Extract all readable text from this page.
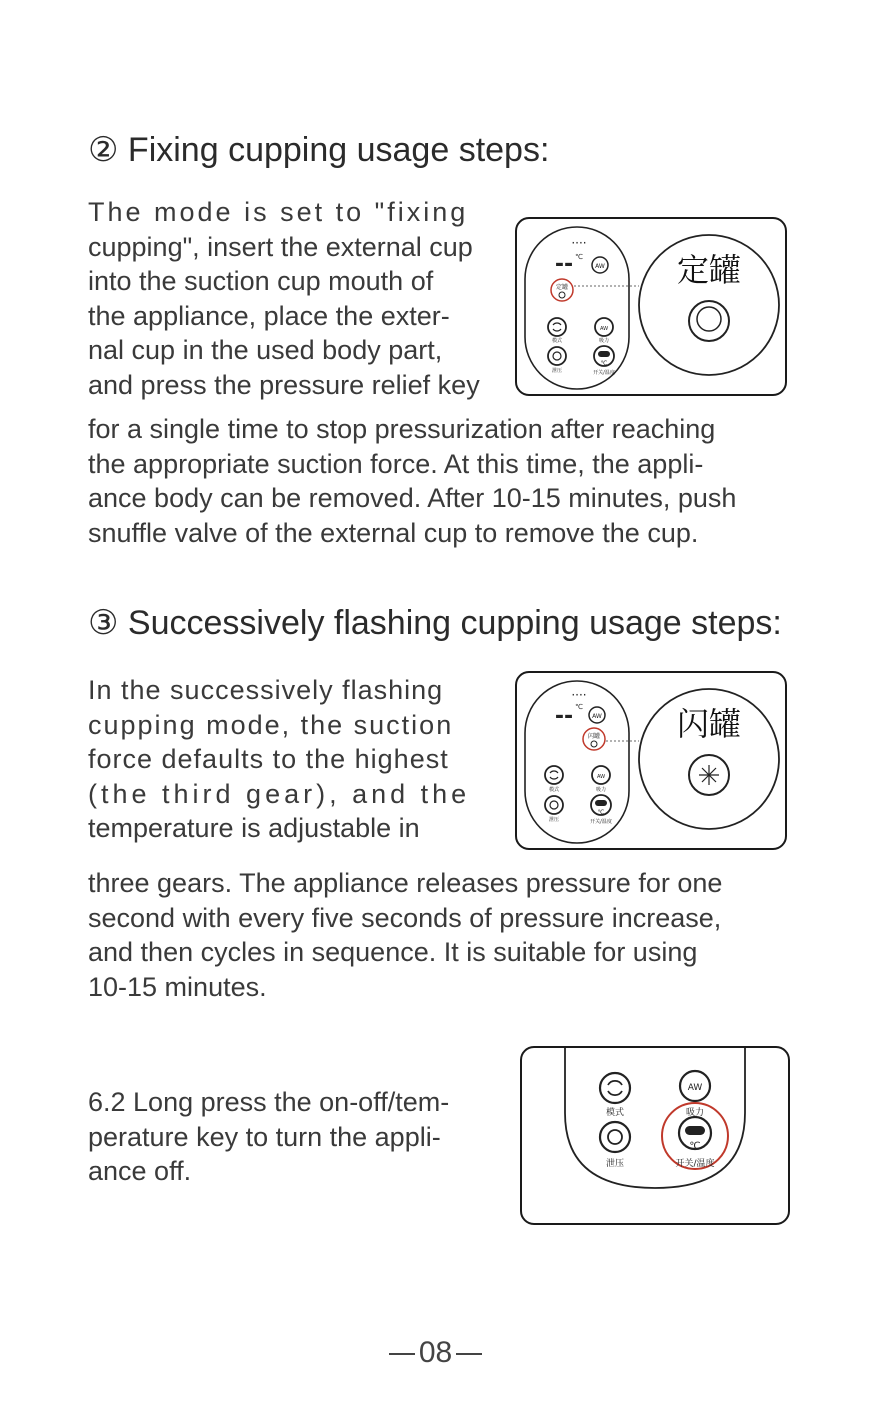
② Fixing cupping usage steps:
The mode is set to "fixing
cupping", insert the external cup
into the suction cup mouth of
the appliance, place the exter-
nal cup in the used body part,
and press the pressure relief key
for a single time to stop pressurization after reaching
the appropriate suction force. At this time, the appli-
ance body can be removed. After 10-15 minutes, push
snuffle valve of the external cup to remove the cup.
····
-- ℃
AW
定罐
模式
AW
吸力
泄压
℃
开关/温度
定罐
③ Successively flashing cupping usage steps:
In the successively flashing
cupping mode, the suction
force defaults to the highest
(the third gear), and the
temperature is adjustable in
three gears. The appliance releases pressure for one
second with every five seconds of pressure increase,
and then cycles in sequence. It is suitable for using
10-15 minutes.
····
-- ℃
AW
闪罐
模式
AW
吸力
泄压
℃
开关/温度
闪罐
6.2 Long press the on-off/tem-
perature key to turn the appli-
ance off.
模式
AW
吸力
泄压
℃
开关/温度
08
